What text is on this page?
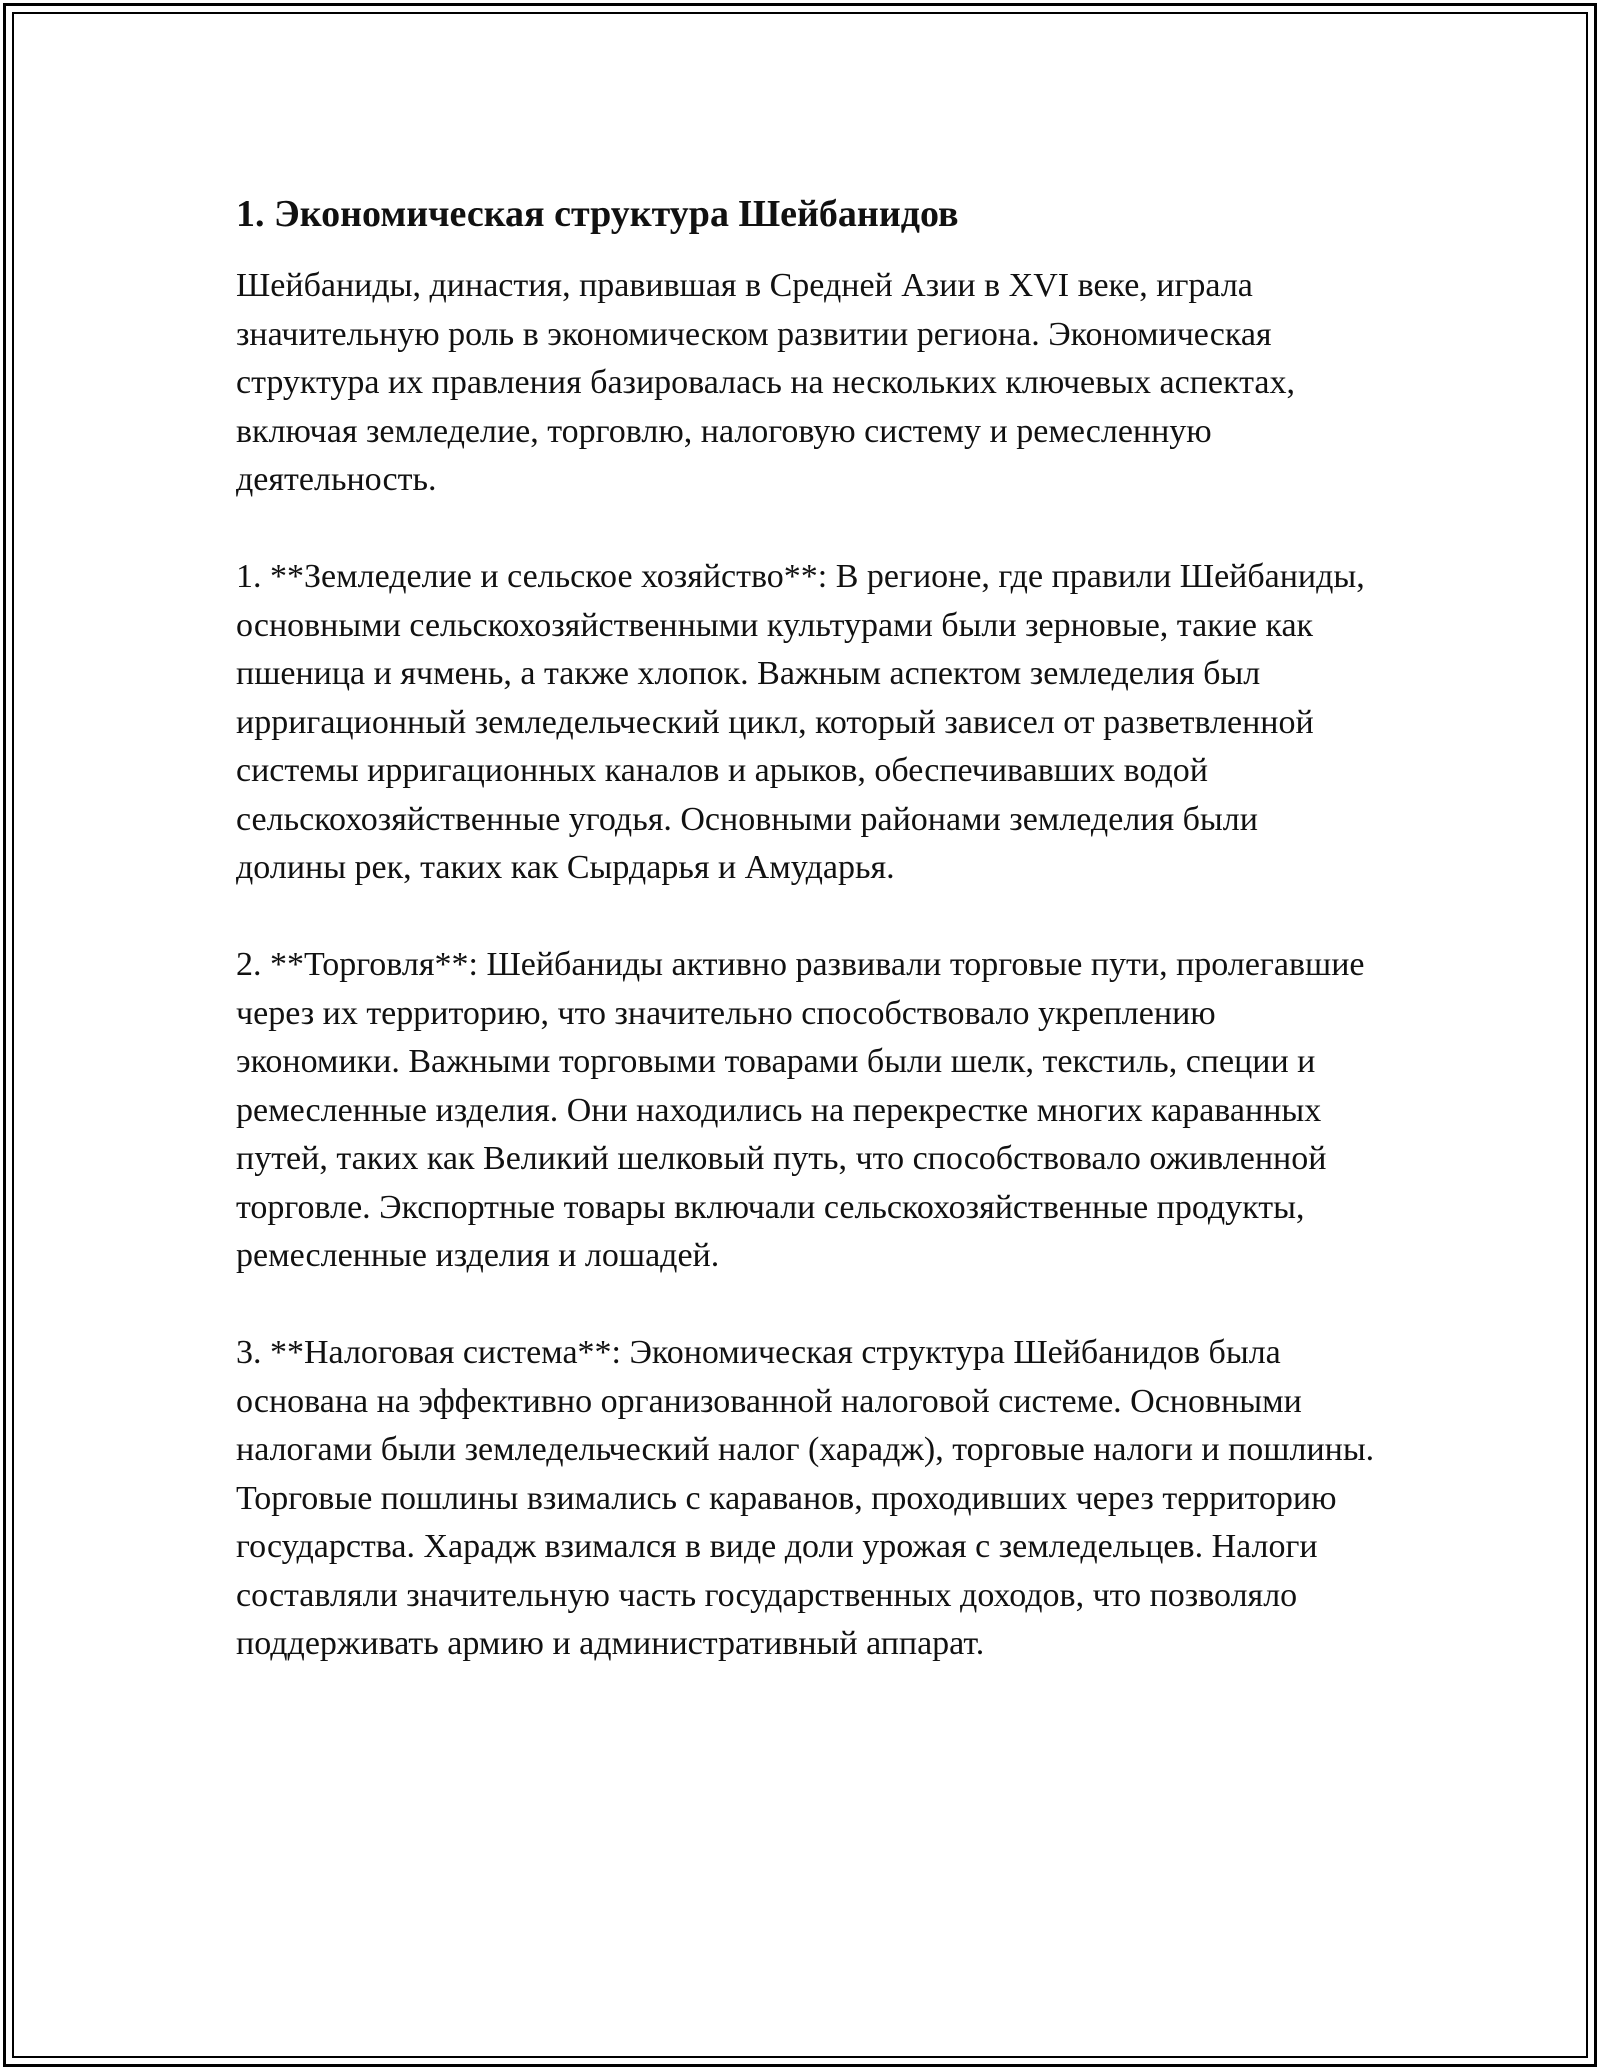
1. Экономическая структура Шейбанидов

Шейбаниды, династия, правившая в Средней Азии в XVI веке, играла значительную роль в экономическом развитии региона. Экономическая структура их правления базировалась на нескольких ключевых аспектах, включая земледелие, торговлю, налоговую систему и ремесленную деятельность.

1. **Земледелие и сельское хозяйство**: В регионе, где правили Шейбаниды, основными сельскохозяйственными культурами были зерновые, такие как пшеница и ячмень, а также хлопок. Важным аспектом земледелия был ирригационный земледельческий цикл, который зависел от разветвленной системы ирригационных каналов и арыков, обеспечивавших водой сельскохозяйственные угодья. Основными районами земледелия были долины рек, таких как Сырдарья и Амударья.

2. **Торговля**: Шейбаниды активно развивали торговые пути, пролегавшие через их территорию, что значительно способствовало укреплению экономики. Важными торговыми товарами были шелк, текстиль, специи и ремесленные изделия. Они находились на перекрестке многих караванных путей, таких как Великий шелковый путь, что способствовало оживленной торговле. Экспортные товары включали сельскохозяйственные продукты, ремесленные изделия и лошадей.

3. **Налоговая система**: Экономическая структура Шейбанидов была основана на эффективно организованной налоговой системе. Основными налогами были земледельческий налог (харадж), торговые налоги и пошлины. Торговые пошлины взимались с караванов, проходивших через территорию государства. Харадж взимался в виде доли урожая с земледельцев. Налоги составляли значительную часть государственных доходов, что позволяло поддерживать армию и административный аппарат.
